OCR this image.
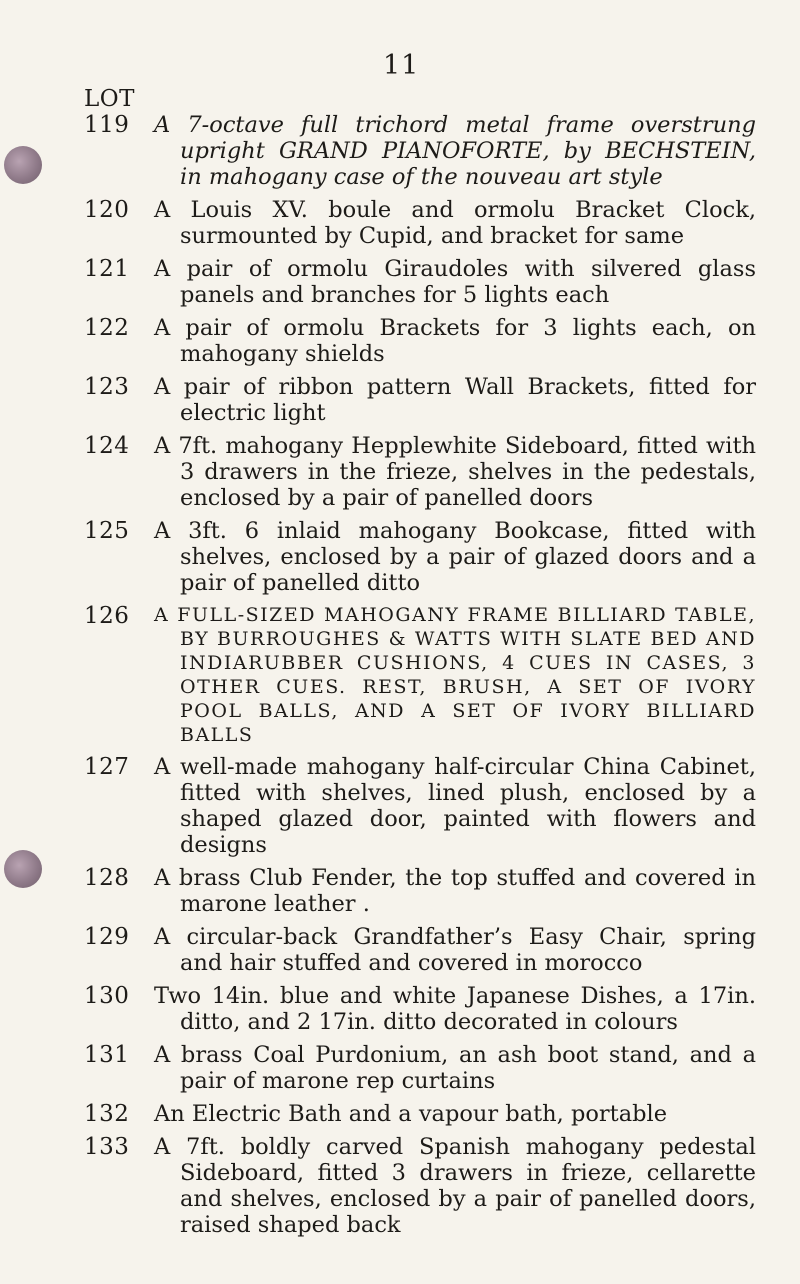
11
LOT
119 A 7-octave full trichord metal frame overstrung upright GRAND PIANOFORTE, by BECHSTEIN, in mahogany case of the nouveau art style
120 A Louis XV. boule and ormolu Bracket Clock, surmounted by Cupid, and bracket for same
121 A pair of ormolu Giraudoles with silvered glass panels and branches for 5 lights each
122 A pair of ormolu Brackets for 3 lights each, on mahogany shields
123 A pair of ribbon pattern Wall Brackets, fitted for electric light
124 A 7ft. mahogany Hepplewhite Sideboard, fitted with 3 drawers in the frieze, shelves in the pedestals, enclosed by a pair of panelled doors
125 A 3ft. 6 inlaid mahogany Bookcase, fitted with shelves, enclosed by a pair of glazed doors and a pair of panelled ditto
126 A FULL-SIZED MAHOGANY FRAME BILLIARD TABLE, BY BURROUGHES & WATTS WITH SLATE BED AND INDIARUBBER CUSHIONS, 4 CUES IN CASES, 3 OTHER CUES. REST, BRUSH, A SET OF IVORY POOL BALLS, AND A SET OF IVORY BILLIARD BALLS
127 A well-made mahogany half-circular China Cabinet, fitted with shelves, lined plush, enclosed by a shaped glazed door, painted with flowers and designs
128 A brass Club Fender, the top stuffed and covered in marone leather .
129 A circular-back Grandfather’s Easy Chair, spring and hair stuffed and covered in morocco
130 Two 14in. blue and white Japanese Dishes, a 17in. ditto, and 2 17in. ditto decorated in colours
131 A brass Coal Purdonium, an ash boot stand, and a pair of marone rep curtains
132 An Electric Bath and a vapour bath, portable
133 A 7ft. boldly carved Spanish mahogany pedestal Sideboard, fitted 3 drawers in frieze, cellarette and shelves, enclosed by a pair of panelled doors, raised shaped back
